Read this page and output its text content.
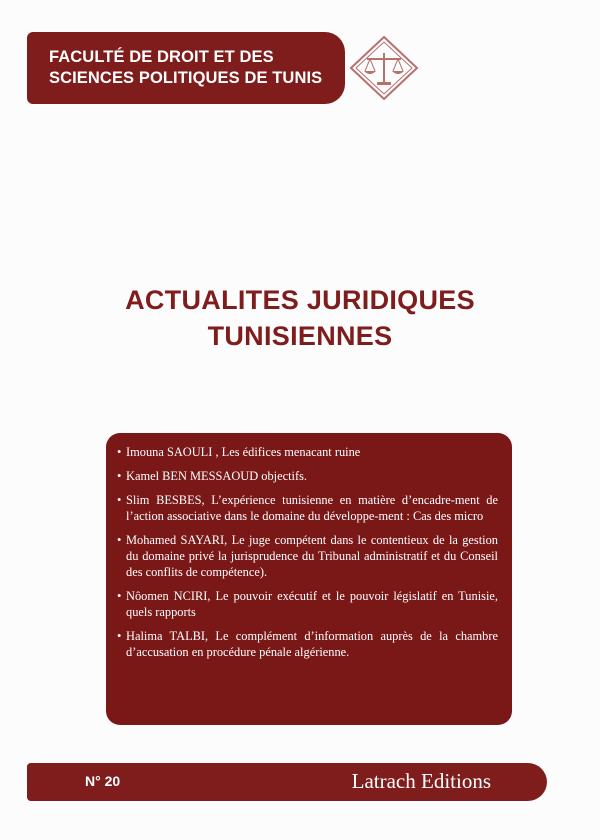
FACULTÉ DE DROIT ET DES
SCIENCES POLITIQUES DE TUNIS
ACTUALITES JURIDIQUES
TUNISIENNES
• Imouna SAOULI , Les édifices menacant ruine
• Kamel BEN MESSAOUD objectifs.
• Slim BESBES, L’expérience tunisienne en matière d’encadre-ment de l’action associative dans le domaine du développe-ment : Cas des micro
• Mohamed SAYARI, Le juge compétent dans le contentieux de la gestion du domaine privé la jurisprudence du Tribunal administratif et du Conseil des conflits de compétence).
• Nôomen NCIRI, Le pouvoir exécutif et le pouvoir législatif en Tunisie, quels rapports
• Halima TALBI, Le complément d’information auprès de la chambre d’accusation en procédure pénale algérienne.
N° 20	Latrach Editions
